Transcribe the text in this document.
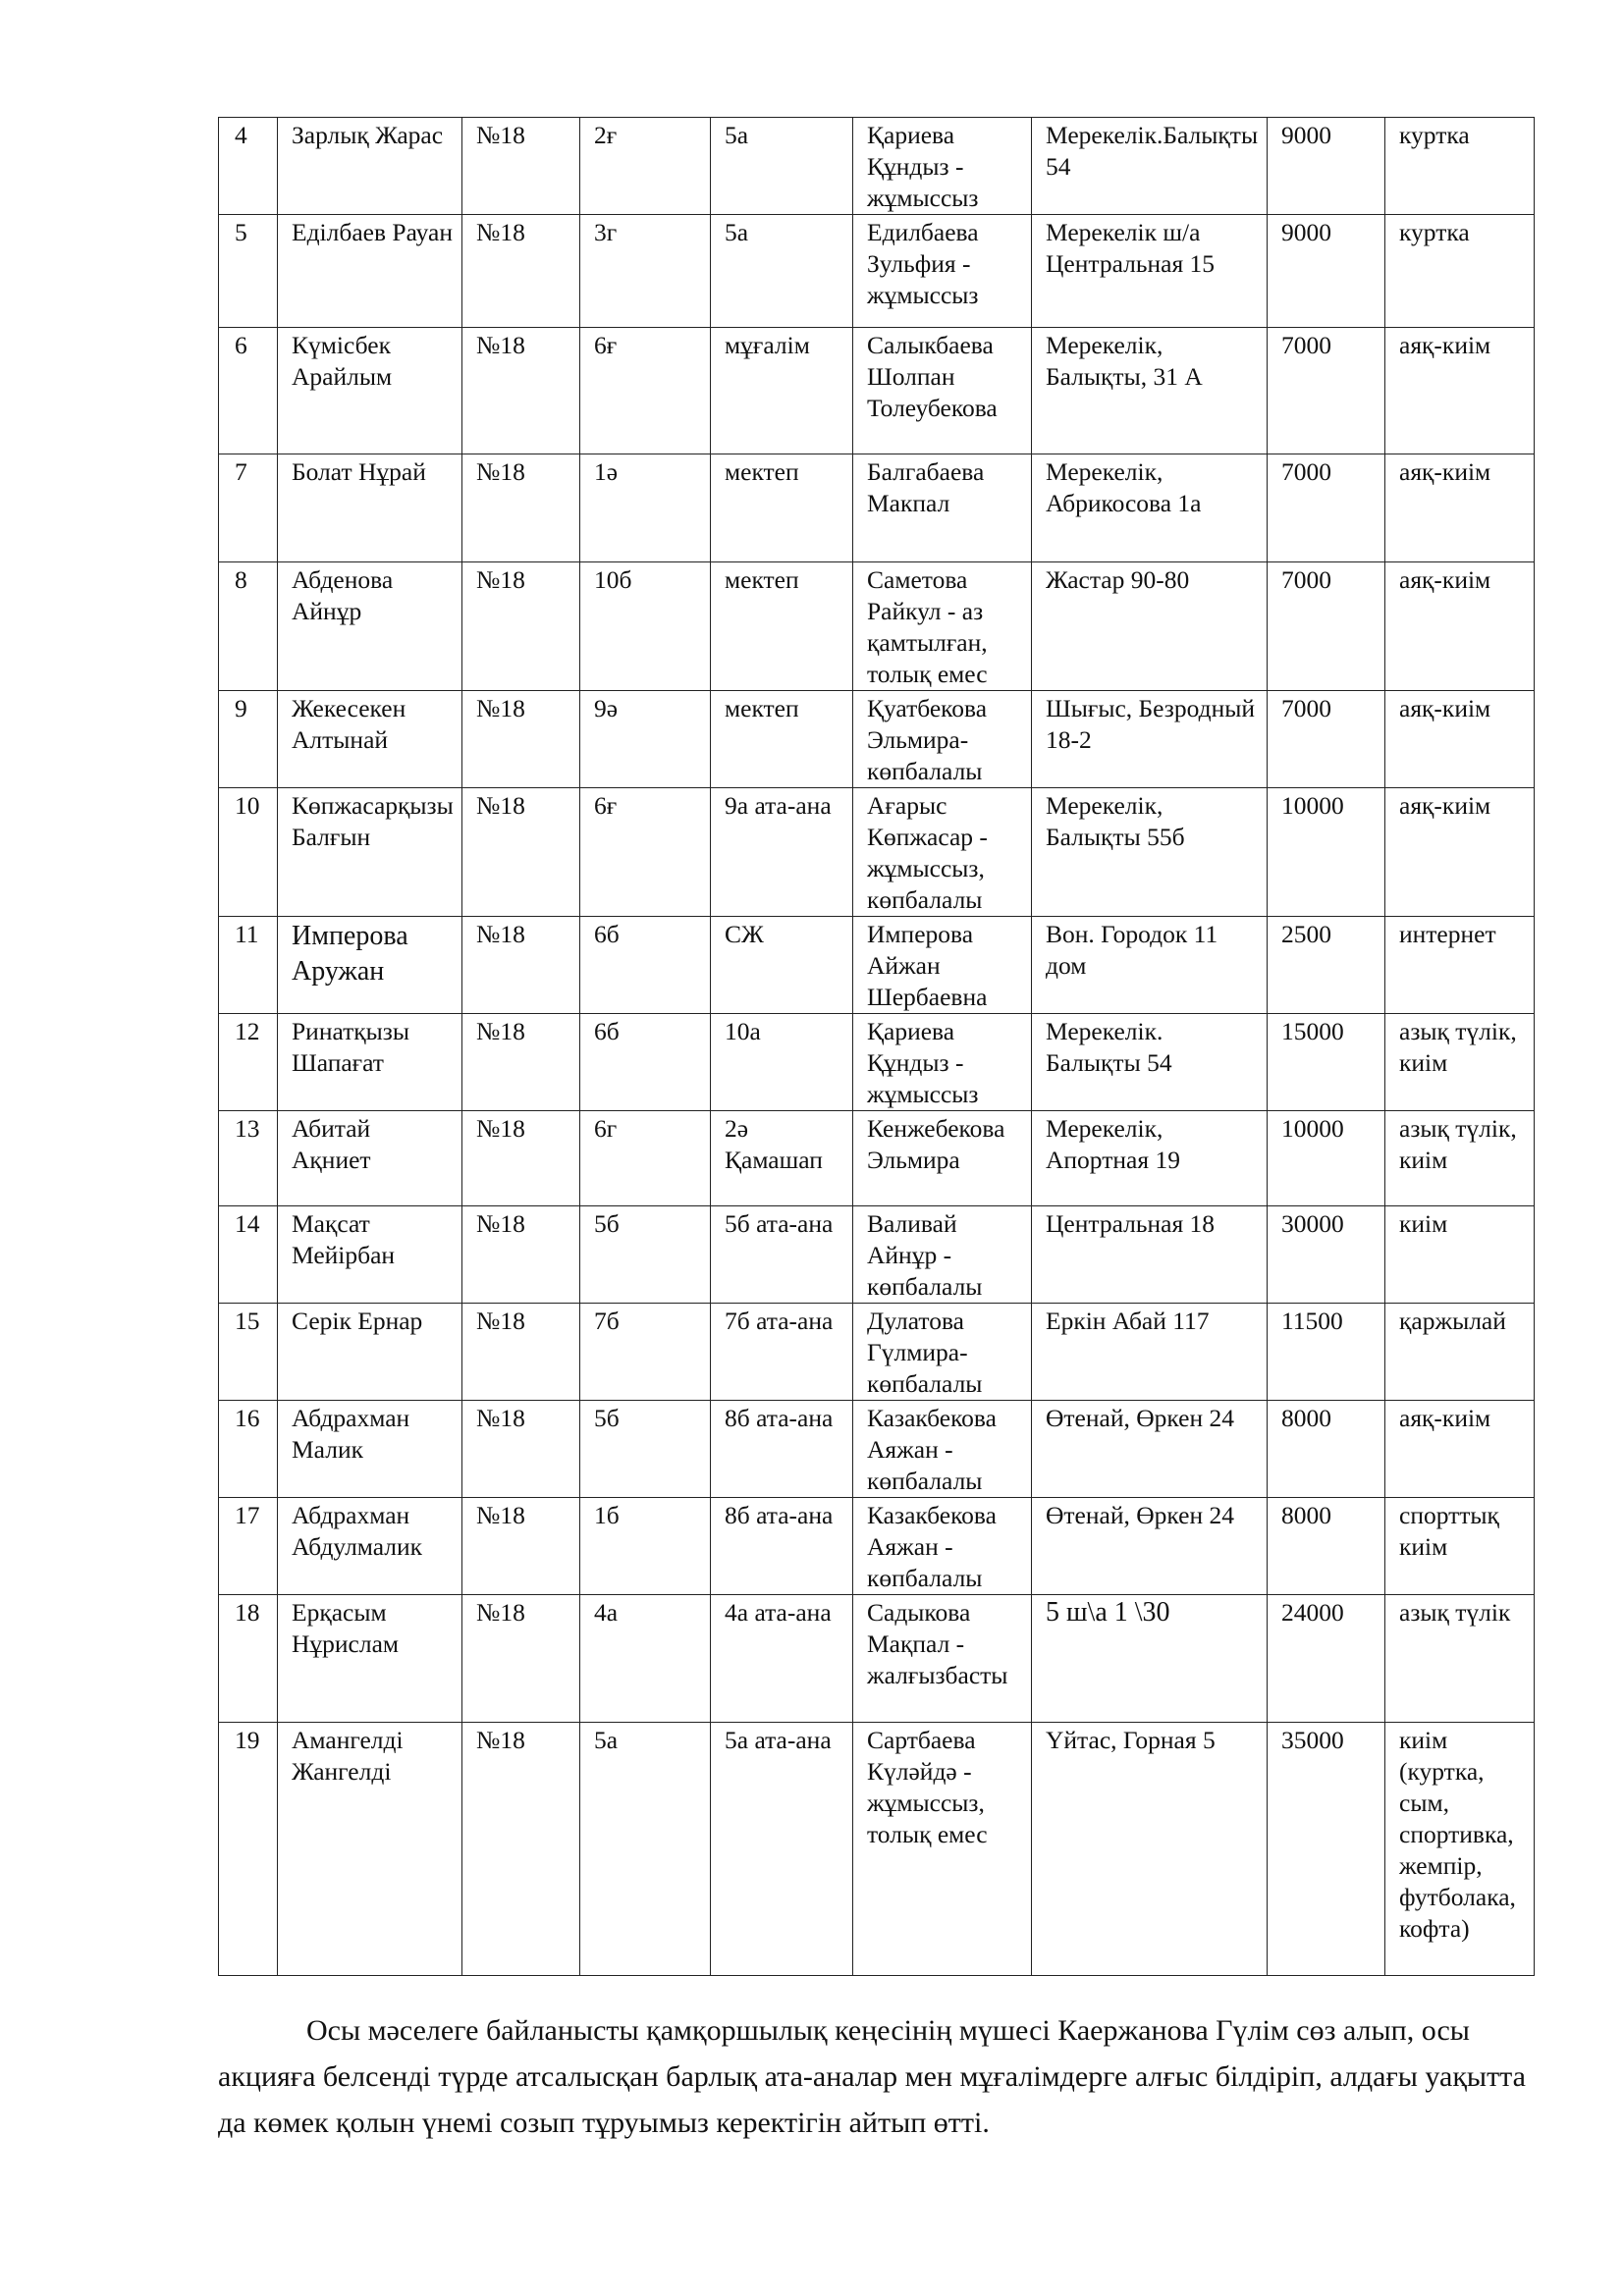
4	Зарлық Жарас	№18	2ғ	5а	Қариева Құндыз - жұмыссыз	Мерекелік.Балықты 54	9000	куртка
5	Еділбаев Рауан	№18	3г	5а	Едилбаева Зульфия - жұмыссыз	Мерекелік ш/а Центральная 15	9000	куртка
6	Күмісбек Арайлым	№18	6ғ	мұғалім	Салыкбаева Шолпан Толеубекова	Мерекелік, Балықты, 31 А	7000	аяқ-киім
7	Болат Нұрай	№18	1ә	мектеп	Балгабаева Макпал	Мерекелік, Абрикосова 1а	7000	аяқ-киім
8	Абденова Айнұр	№18	10б	мектеп	Саметова Райкул - аз қамтылған, толық емес	Жастар 90-80	7000	аяқ-киім
9	Жекесекен Алтынай	№18	9ә	мектеп	Қуатбекова Эльмира- көпбалалы	Шығыс, Безродный 18-2	7000	аяқ-киім
10	Көпжасарқызы Балғын	№18	6ғ	9а ата-ана	Ағарыс Көпжасар - жұмыссыз, көпбалалы	Мерекелік, Балықты 55б	10000	аяқ-киім
11	Имперова Аружан	№18	6б	СЖ	Имперова Айжан Шербаевна	Вон. Городок 11 дом	2500	интернет
12	Ринатқызы Шапағат	№18	6б	10а	Қариева Құндыз - жұмыссыз	Мерекелік. Балықты 54	15000	азық түлік, киім
13	Абитай Ақниет	№18	6г	2ә Қамашап	Кенжебекова Эльмира	Мерекелік, Апортная 19	10000	азық түлік, киім
14	Мақсат Мейірбан	№18	5б	5б ата-ана	Валивай Айнұр - көпбалалы	Центральная 18	30000	киім
15	Серік Ернар	№18	7б	7б ата-ана	Дулатова Гүлмира- көпбалалы	Еркін Абай 117	11500	қаржылай
16	Абдрахман Малик	№18	5б	8б ата-ана	Казакбекова Аяжан - көпбалалы	Өтенай, Өркен 24	8000	аяқ-киім
17	Абдрахман Абдулмалик	№18	1б	8б ата-ана	Казакбекова Аяжан - көпбалалы	Өтенай, Өркен 24	8000	спорттық киім
18	Ерқасым Нұрислам	№18	4а	4а ата-ана	Садыкова Мақпал - жалғызбасты	5 ш\а 1 \30	24000	азық түлік
19	Амангелді Жангелді	№18	5а	5а ата-ана	Сартбаева Күләйдә - жұмыссыз, толық емес	Үйтас, Горная 5	35000	киім (куртка, сым, спортивка, жемпір, футболака, кофта)

Осы мәселеге байланысты қамқоршылық кеңесінің мүшесі Каержанова Гүлім сөз алып, осы акцияға белсенді түрде атсалысқан барлық ата-аналар мен мұғалімдерге алғыс білдіріп, алдағы уақытта да көмек қолын үнемі созып тұруымыз керектігін айтып өтті.
